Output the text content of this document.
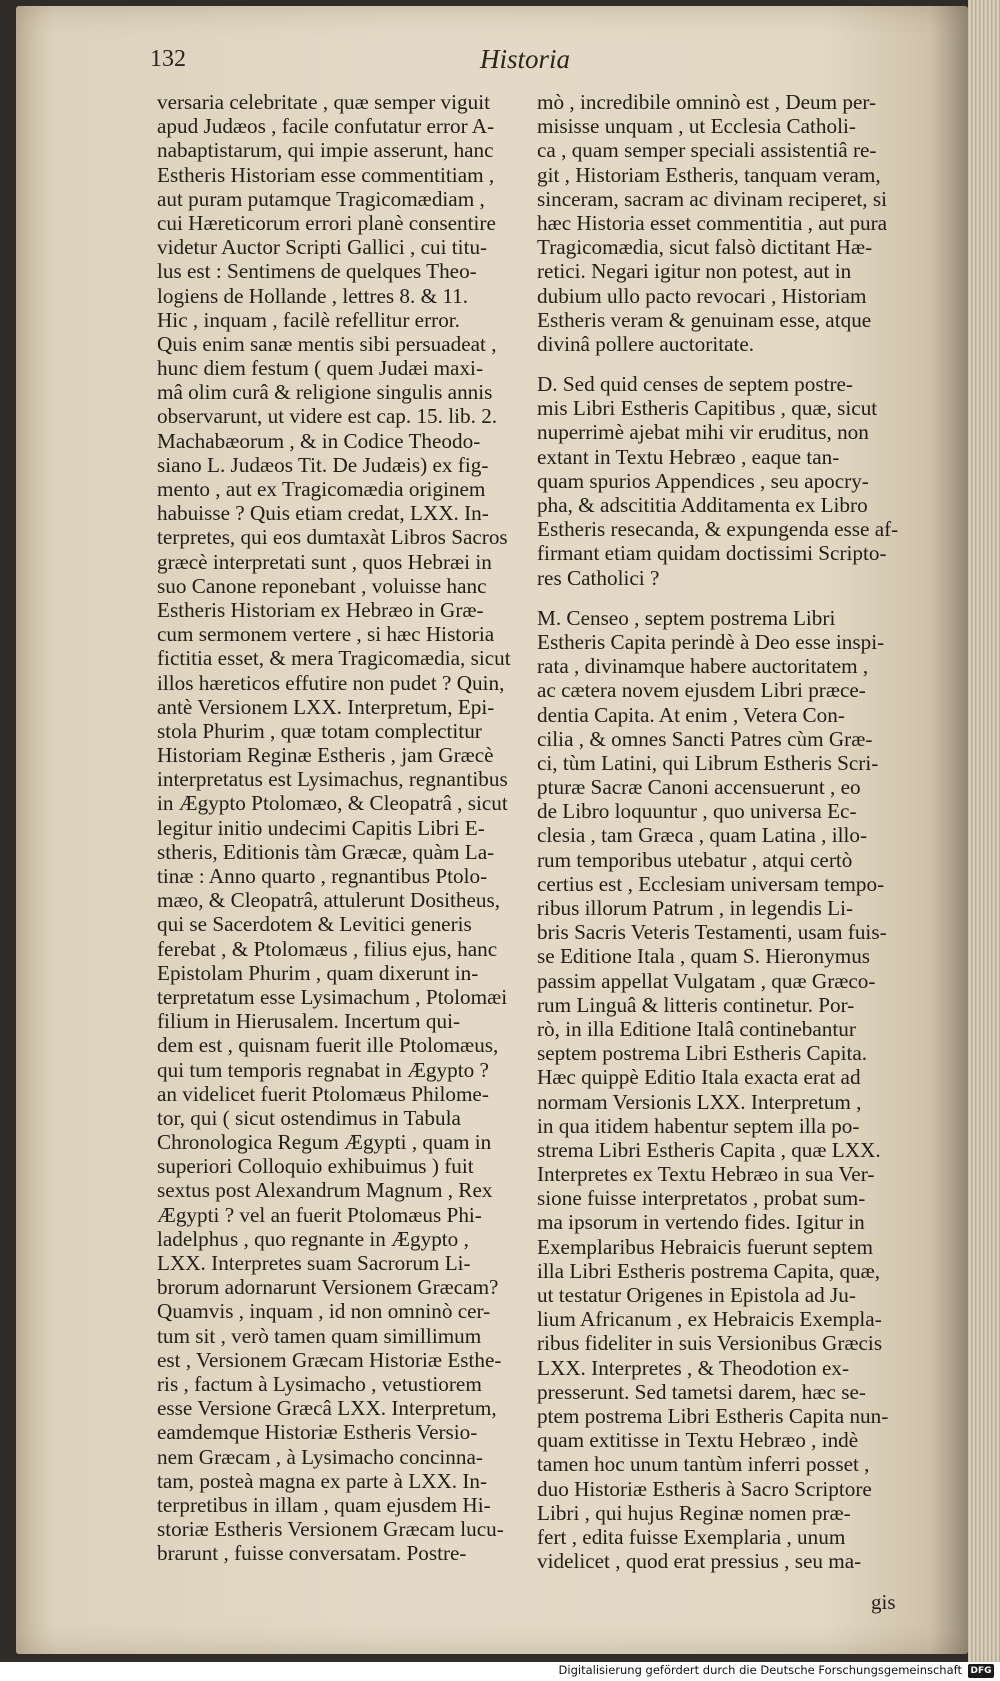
132	Historia
versaria celebritate , quæ semper viguit
apud Judæos , facile confutatur error A-
nabaptistarum, qui impie asserunt, hanc
Estheris Historiam esse commentitiam ,
aut puram putamque Tragicomædiam ,
cui Hæreticorum errori planè consentire
videtur Auctor Scripti Gallici , cui titu-
lus est : Sentimens de quelques Theo-
logiens de Hollande , lettres 8. & 11.
Hic , inquam , facilè refellitur error.
Quis enim sanæ mentis sibi persuadeat ,
hunc diem festum ( quem Judæi maxi-
mâ olim curâ & religione singulis annis
observarunt, ut videre est cap. 15. lib. 2.
Machabæorum , & in Codice Theodo-
siano L. Judæos Tit. De Judæis) ex fig-
mento , aut ex Tragicomædia originem
habuisse ? Quis etiam credat, LXX. In-
terpretes, qui eos dumtaxàt Libros Sacros
græcè interpretati sunt , quos Hebræi in
suo Canone reponebant , voluisse hanc
Estheris Historiam ex Hebræo in Græ-
cum sermonem vertere , si hæc Historia
fictitia esset, & mera Tragicomædia, sicut
illos hæreticos effutire non pudet ? Quin,
antè Versionem LXX. Interpretum, Epi-
stola Phurim , quæ totam complectitur
Historiam Reginæ Estheris , jam Græcè
interpretatus est Lysimachus, regnantibus
in Ægypto Ptolomæo, & Cleopatrâ , sicut
legitur initio undecimi Capitis Libri E-
stheris, Editionis tàm Græcæ, quàm La-
tinæ : Anno quarto , regnantibus Ptolo-
mæo, & Cleopatrâ, attulerunt Dositheus,
qui se Sacerdotem & Levitici generis
ferebat , & Ptolomæus , filius ejus, hanc
Epistolam Phurim , quam dixerunt in-
terpretatum esse Lysimachum , Ptolomæi
filium in Hierusalem. Incertum qui-
dem est , quisnam fuerit ille Ptolomæus,
qui tum temporis regnabat in Ægypto ?
an videlicet fuerit Ptolomæus Philome-
tor, qui ( sicut ostendimus in Tabula
Chronologica Regum Ægypti , quam in
superiori Colloquio exhibuimus ) fuit
sextus post Alexandrum Magnum , Rex
Ægypti ? vel an fuerit Ptolomæus Phi-
ladelphus , quo regnante in Ægypto ,
LXX. Interpretes suam Sacrorum Li-
brorum adornarunt Versionem Græcam?
Quamvis , inquam , id non omninò cer-
tum sit , verò tamen quam simillimum
est , Versionem Græcam Historiæ Esthe-
ris , factum à Lysimacho , vetustiorem
esse Versione Græcâ LXX. Interpretum,
eamdemque Historiæ Estheris Versio-
nem Græcam , à Lysimacho concinna-
tam, posteà magna ex parte à LXX. In-
terpretibus in illam , quam ejusdem Hi-
storiæ Estheris Versionem Græcam lucu-
brarunt , fuisse conversatam. Postre-
mò , incredibile omninò est , Deum per-
misisse unquam , ut Ecclesia Catholi-
ca , quam semper speciali assistentiâ re-
git , Historiam Estheris, tanquam veram,
sinceram, sacram ac divinam reciperet, si
hæc Historia esset commentitia , aut pura
Tragicomædia, sicut falsò dictitant Hæ-
retici. Negari igitur non potest, aut in
dubium ullo pacto revocari , Historiam
Estheris veram & genuinam esse, atque
divinâ pollere auctoritate.
D. Sed quid censes de septem postre-
mis Libri Estheris Capitibus , quæ, sicut
nuperrimè ajebat mihi vir eruditus, non
extant in Textu Hebræo , eaque tan-
quam spurios Appendices , seu apocry-
pha, & adscititia Additamenta ex Libro
Estheris resecanda, & expungenda esse af-
firmant etiam quidam doctissimi Scripto-
res Catholici ?
M. Censeo , septem postrema Libri
Estheris Capita perindè à Deo esse inspi-
rata , divinamque habere auctoritatem ,
ac cætera novem ejusdem Libri præce-
dentia Capita. At enim , Vetera Con-
cilia , & omnes Sancti Patres cùm Græ-
ci, tùm Latini, qui Librum Estheris Scri-
pturæ Sacræ Canoni accensuerunt , eo
de Libro loquuntur , quo universa Ec-
clesia , tam Græca , quam Latina , illo-
rum temporibus utebatur , atqui certò
certius est , Ecclesiam universam tempo-
ribus illorum Patrum , in legendis Li-
bris Sacris Veteris Testamenti, usam fuis-
se Editione Itala , quam S. Hieronymus
passim appellat Vulgatam , quæ Græco-
rum Linguâ & litteris continetur. Por-
rò, in illa Editione Italâ continebantur
septem postrema Libri Estheris Capita.
Hæc quippè Editio Itala exacta erat ad
normam Versionis LXX. Interpretum ,
in qua itidem habentur septem illa po-
strema Libri Estheris Capita , quæ LXX.
Interpretes ex Textu Hebræo in sua Ver-
sione fuisse interpretatos , probat sum-
ma ipsorum in vertendo fides. Igitur in
Exemplaribus Hebraicis fuerunt septem
illa Libri Estheris postrema Capita, quæ,
ut testatur Origenes in Epistola ad Ju-
lium Africanum , ex Hebraicis Exempla-
ribus fideliter in suis Versionibus Græcis
LXX. Interpretes , & Theodotion ex-
presserunt. Sed tametsi darem, hæc se-
ptem postrema Libri Estheris Capita nun-
quam extitisse in Textu Hebræo , indè
tamen hoc unum tantùm inferri posset ,
duo Historiæ Estheris à Sacro Scriptore
Libri , qui hujus Reginæ nomen præ-
fert , edita fuisse Exemplaria , unum
videlicet , quod erat pressius , seu ma-
gis
Digitalisierung gefördert durch die Deutsche Forschungsgemeinschaft DFG
